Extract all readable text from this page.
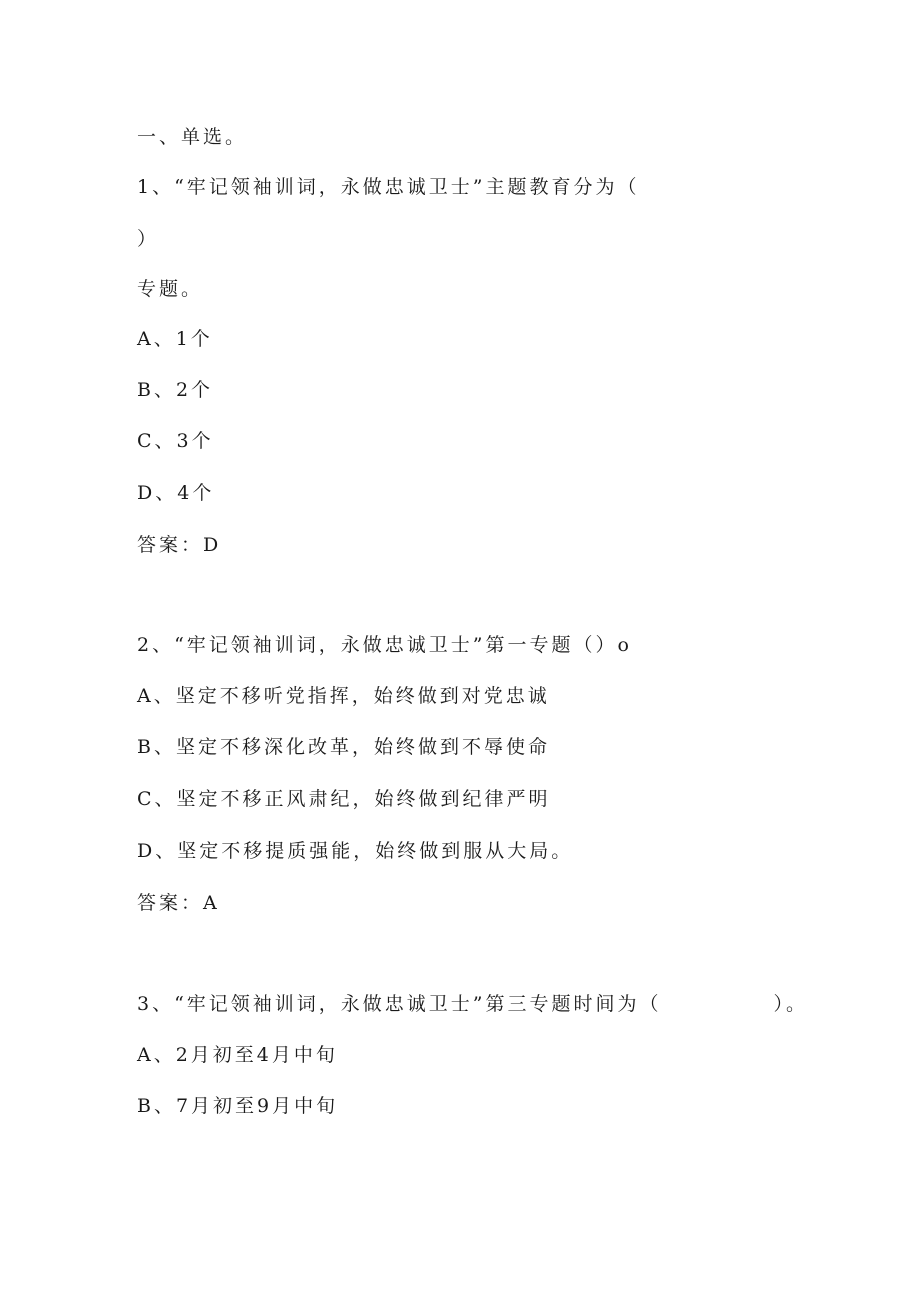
一、单选。
1、“牢记领袖训词，永做忠诚卫士”主题教育分为（
）
专题。
A、1个
B、2个
C、3个
D、4个
答案：D
2、“牢记领袖训词，永做忠诚卫士”第一专题（）o
A、坚定不移听党指挥，始终做到对党忠诚
B、坚定不移深化改革，始终做到不辱使命
C、坚定不移正风肃纪，始终做到纪律严明
D、坚定不移提质强能，始终做到服从大局。
答案：A
3、“牢记领袖训词，永做忠诚卫士”第三专题时间为（	）。
A、2月初至4月中旬
B、7月初至9月中旬
